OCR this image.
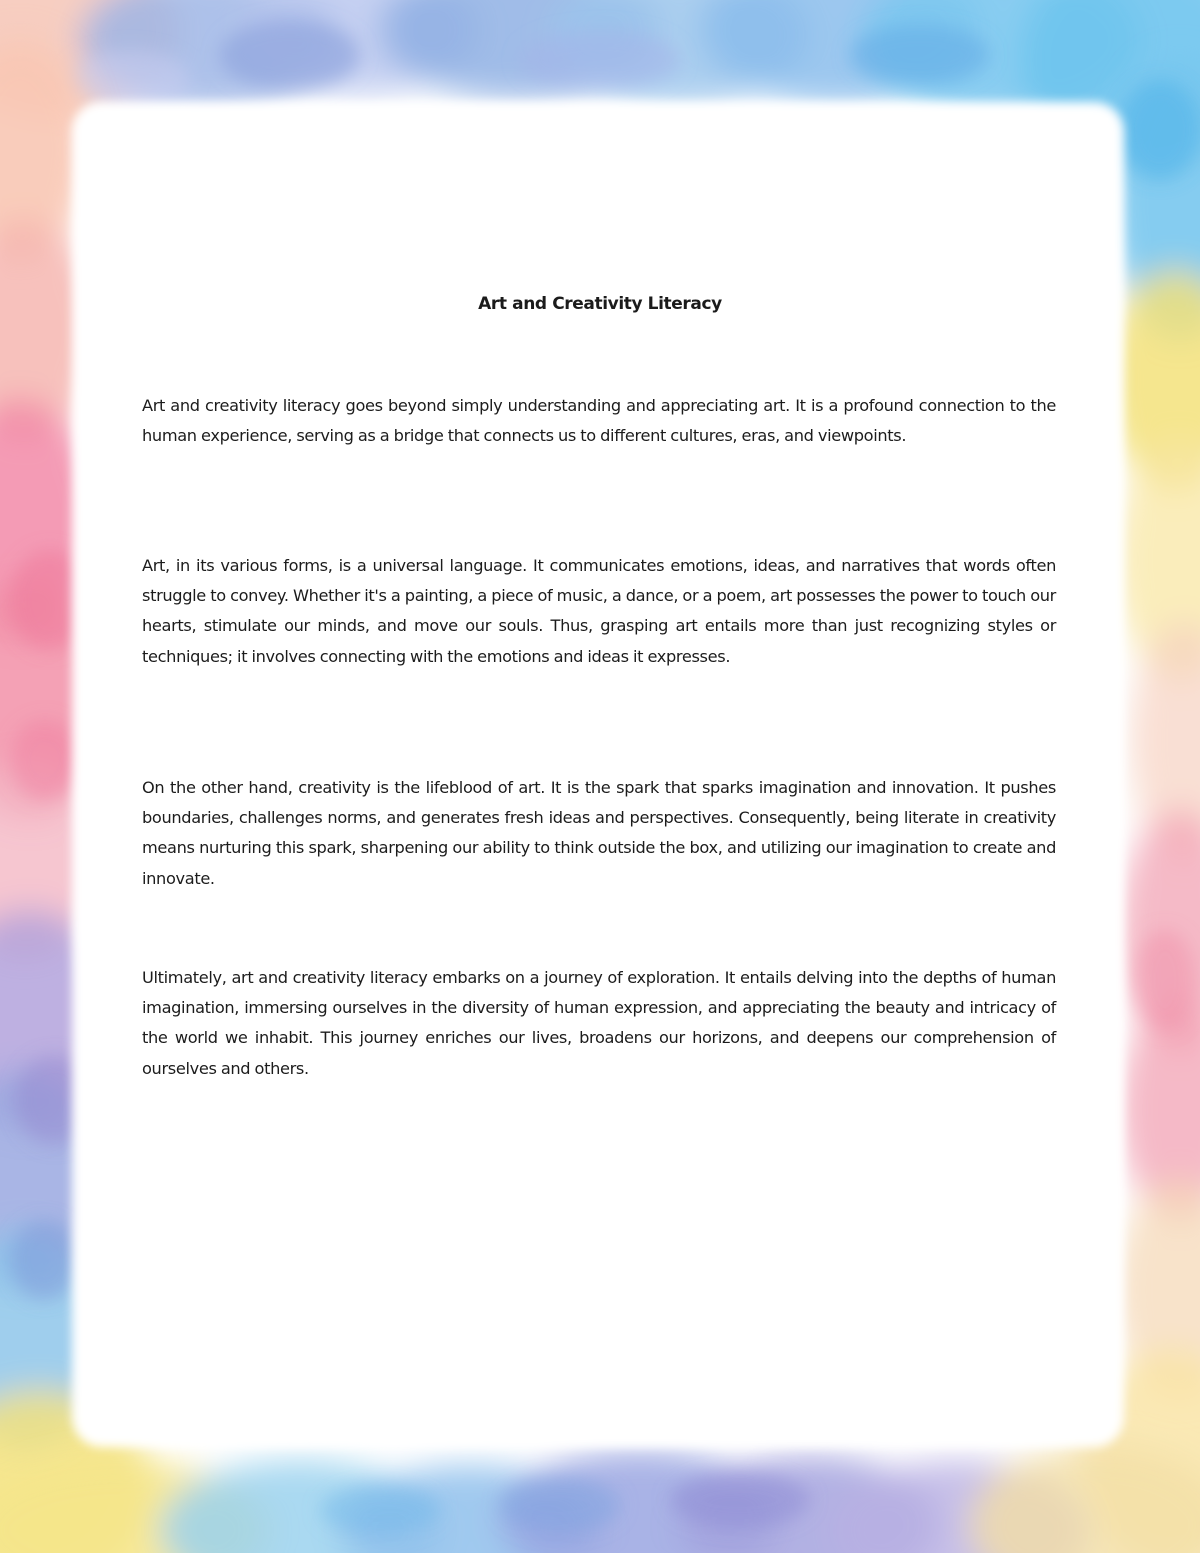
Art and Creativity Literacy

Art and creativity literacy goes beyond simply understanding and appreciating art. It is a profound connection to the human experience, serving as a bridge that connects us to different cultures, eras, and viewpoints.

Art, in its various forms, is a universal language. It communicates emotions, ideas, and narratives that words often struggle to convey. Whether it's a painting, a piece of music, a dance, or a poem, art possesses the power to touch our hearts, stimulate our minds, and move our souls. Thus, grasping art entails more than just recognizing styles or techniques; it involves connecting with the emotions and ideas it expresses.

On the other hand, creativity is the lifeblood of art. It is the spark that sparks imagination and innovation. It pushes boundaries, challenges norms, and generates fresh ideas and perspectives. Consequently, being literate in creativity means nurturing this spark, sharpening our ability to think outside the box, and utilizing our imagination to create and innovate.

Ultimately, art and creativity literacy embarks on a journey of exploration. It entails delving into the depths of human imagination, immersing ourselves in the diversity of human expression, and appreciating the beauty and intricacy of the world we inhabit. This journey enriches our lives, broadens our horizons, and deepens our comprehension of ourselves and others.
